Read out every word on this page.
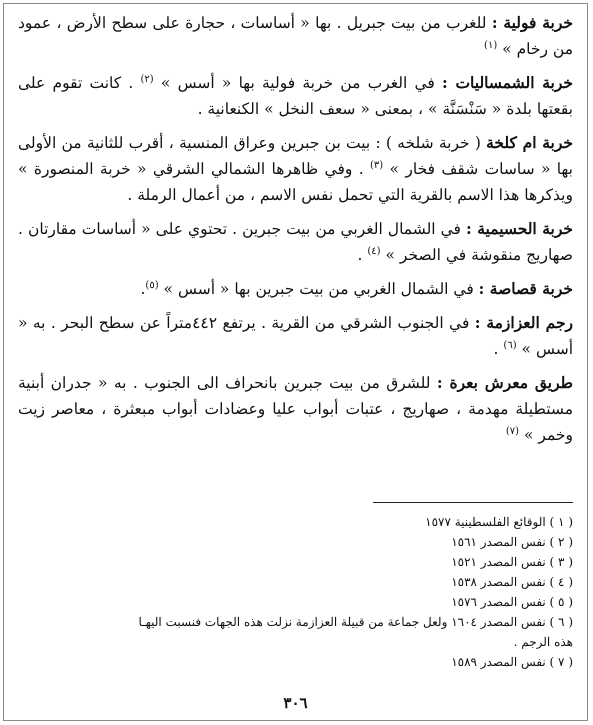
خربة فولية : للغرب من بيت جبريل . بها « أساسات ، حجارة على سطح الأرض ، عمود من رخام » $^{(١)}$

خربة الشمساليات : في الغرب من خربة فولية بها « أسس » $^{(٢)}$ . كانت تقوم على بقعتها بلدة « سَنْسَنَّة » ، بمعنى « سعف النخل » الكنعانية .

خربة ام كلخة ( خربة شلخه ) : بيت بن جبرين وعراق المنسية ، أقرب للثانية من الأولى بها « ساسات شقف فخار » $^{(٣)}$ . وفي ظاهرها الشمالي الشرقي « خربة المنصورة » ويذكرها هذا الاسم بالقرية التي تحمل نفس الاسم ، من أعمال الرملة .

خربة الحسيمية : في الشمال الغربي من بيت جبرين . تحتوي على « أساسات مقارتان . صهاريج منقوشة في الصخر » $^{(٤)}$ .

خربة قصاصة : في الشمال الغربي من بيت جبرين بها « أسس » $^{(٥)}$.

رجم العزازمة : في الجنوب الشرقي من القرية . يرتفع ٤٤٢متراً عن سطح البحر . به « أسس » $^{(٦)}$ .

طريق معرش بعرة : للشرق من بيت جبرين بانحراف الى الجنوب . به « جدران أبنية مستطيلة مهدمة ، صهاريج ، عتبات أبواب عليا وعضادات أبواب مبعثرة ، معاصر زيت وخمر » $^{(٧)}$

( ١ ) الوقائع الفلسطينية ١٥٧٧
( ٢ ) نفس المصدر ١٥٦١
( ٣ ) نفس المصدر ١٥٢١
( ٤ ) نفس المصدر ١٥٣٨
( ٥ ) نفس المصدر ١٥٧٦
( ٦ ) نفس المصدر ١٦٠٤ ولعل جماعة من قبيلة العزازمة نزلت هذه الجهات فنسبت اليهـا
هذه الرجم .
( ٧ ) نفس المصدر ١٥٨٩
٣٠٦
